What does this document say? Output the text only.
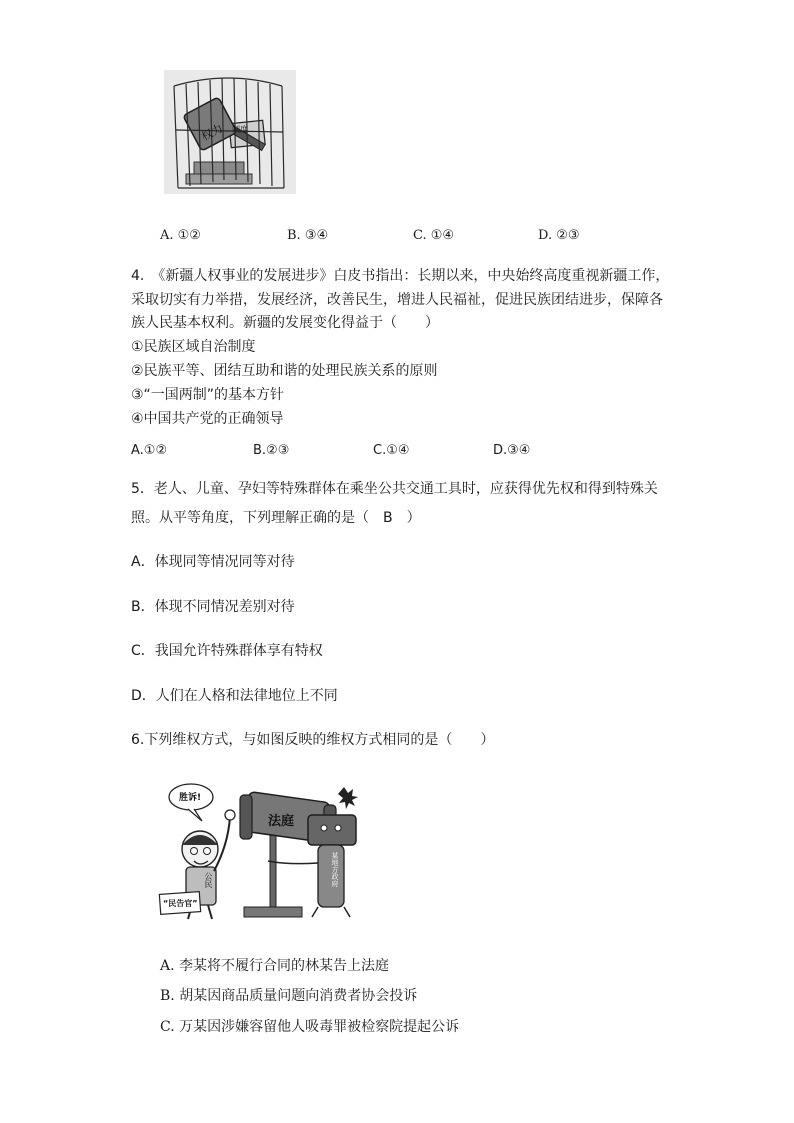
权力 制度
A. ①②	B. ③④	C. ①④	D. ②③
4.　《新疆人权事业的发展进步》白皮书指出：长期以来，中央始终高度重视新疆工作，
采取切实有力举措，发展经济，改善民生，增进人民福祉，促进民族团结进步，保障各
族人民基本权利。新疆的发展变化得益于（　　）
①民族区域自治制度
②民族平等、团结互助和谐的处理民族关系的原则
③“一国两制”的基本方针
④中国共产党的正确领导
A.①②	B.②③	C.①④	D.③④
5．老人、儿童、孕妇等特殊群体在乘坐公共交通工具时，应获得优先权和得到特殊关
照。从平等角度，下列理解正确的是（　B　）
A．体现同等情况同等对待
B．体现不同情况差别对待
C．我国允许特殊群体享有特权
D．人们在人格和法律地位上不同
6.下列维权方式，与如图反映的维权方式相同的是（　　）
胜诉!
法庭
公民
“民告官”
某地方政府
A. 李某将不履行合同的林某告上法庭
B. 胡某因商品质量问题向消费者协会投诉
C. 万某因涉嫌容留他人吸毒罪被检察院提起公诉
